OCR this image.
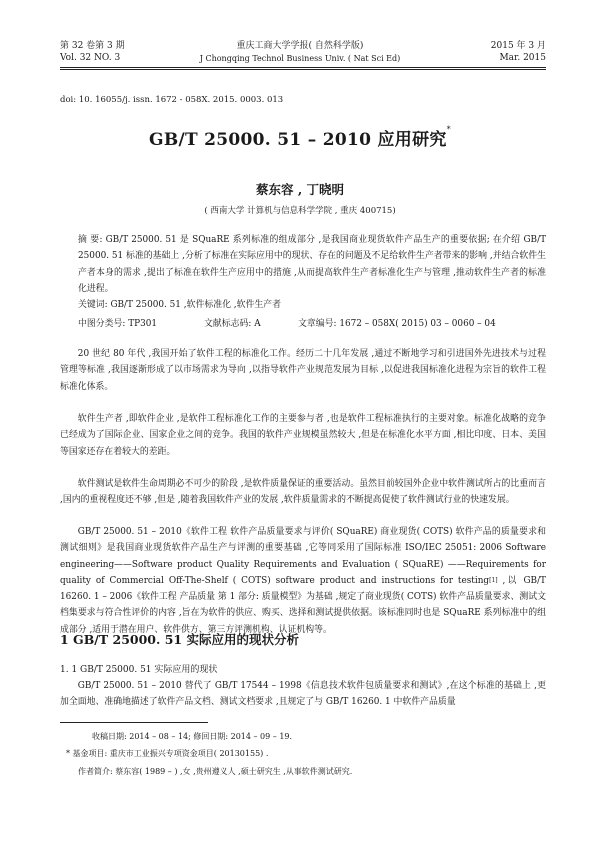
第 32 卷第 3 期
Vol. 32 NO. 3
重庆工商大学学报( 自然科学版)
J Chongqing Technol Business Univ. ( Nat Sci Ed)
2015 年 3 月
Mar. 2015
doi: 10. 16055/j. issn. 1672 - 058X. 2015. 0003. 013
GB/T 25000. 51 – 2010 应用研究*
蔡东容 , 丁晓明
( 西南大学 计算机与信息科学学院 , 重庆 400715)

摘 要: GB/T 25000. 51 是 SQuaRE 系列标准的组成部分 ,是我国商业现货软件产品生产的重要依据; 在介绍 GB/T 25000. 51 标准的基础上 ,分析了标准在实际应用中的现状、存在的问题及不足给软件生产者带来的影响 ,并结合软件生产者本身的需求 ,提出了标准在软件生产应用中的措施 ,从而提高软件生产者标准化生产与管理 ,推动软件生产者的标准化进程。

关键词: GB/T 25000. 51 ,软件标准化 ,软件生产者
中图分类号: TP301	文献标志码: A	文章编号: 1672 – 058X( 2015) 03 – 0060 – 04

20 世纪 80 年代 ,我国开始了软件工程的标准化工作。经历二十几年发展 ,通过不断地学习和引进国外先进技术与过程管理等标准 ,我国逐渐形成了以市场需求为导向 ,以指导软件产业规范发展为目标 ,以促进我国标准化进程为宗旨的软件工程标准化体系。

软件生产者 ,即软件企业 ,是软件工程标准化工作的主要参与者 ,也是软件工程标准执行的主要对象。标准化战略的竞争已经成为了国际企业、国家企业之间的竞争。我国的软件产业规模虽然较大 ,但是在标准化水平方面 ,相比印度、日本、美国等国家还存在着较大的差距。

软件测试是软件生命周期必不可少的阶段 ,是软件质量保证的重要活动。虽然目前较国外企业中软件测试所占的比重而言 ,国内的重视程度还不够 ,但是 ,随着我国软件产业的发展 ,软件质量需求的不断提高促使了软件测试行业的快速发展。

GB/T 25000. 51 – 2010《软件工程 软件产品质量要求与评价( SQuaRE) 商业现货( COTS) 软件产品的质量要求和测试细则》是我国商业现货软件产品生产与评测的重要基础 ,它等同采用了国际标准 ISO/IEC 25051: 2006 Software engineering——Software product Quality Requirements and Evaluation ( SQuaRE) ——Requirements for quality of Commercial Off-The-Shelf ( COTS) software product and instructions for testing[1] ,以 GB/T 16260. 1 – 2006《软件工程 产品质量 第 1 部分: 质量模型》为基础 ,规定了商业现货( COTS) 软件产品质量要求、测试文档集要求与符合性评价的内容 ,旨在为软件的供应、购买、选择和测试提供依据。该标准同时也是 SQuaRE 系列标准中的组成部分 ,适用于潜在用户、软件供方、第三方评测机构、认证机构等。

1 GB/T 25000. 51 实际应用的现状分析
1. 1 GB/T 25000. 51 实际应用的现状

GB/T 25000. 51 – 2010 替代了 GB/T 17544 – 1998《信息技术软件包质量要求和测试》,在这个标准的基础上 ,更加全面地、准确地描述了软件产品文档、测试文档要求 ,且规定了与 GB/T 16260. 1 中软件产品质量

收稿日期: 2014 – 08 – 14; 修回日期: 2014 – 09 – 19.
* 基金项目: 重庆市工业振兴专项资金项目( 20130155) .
作者简介: 蔡东容( 1989 – ) ,女 ,贵州遵义人 ,硕士研究生 ,从事软件测试研究.
